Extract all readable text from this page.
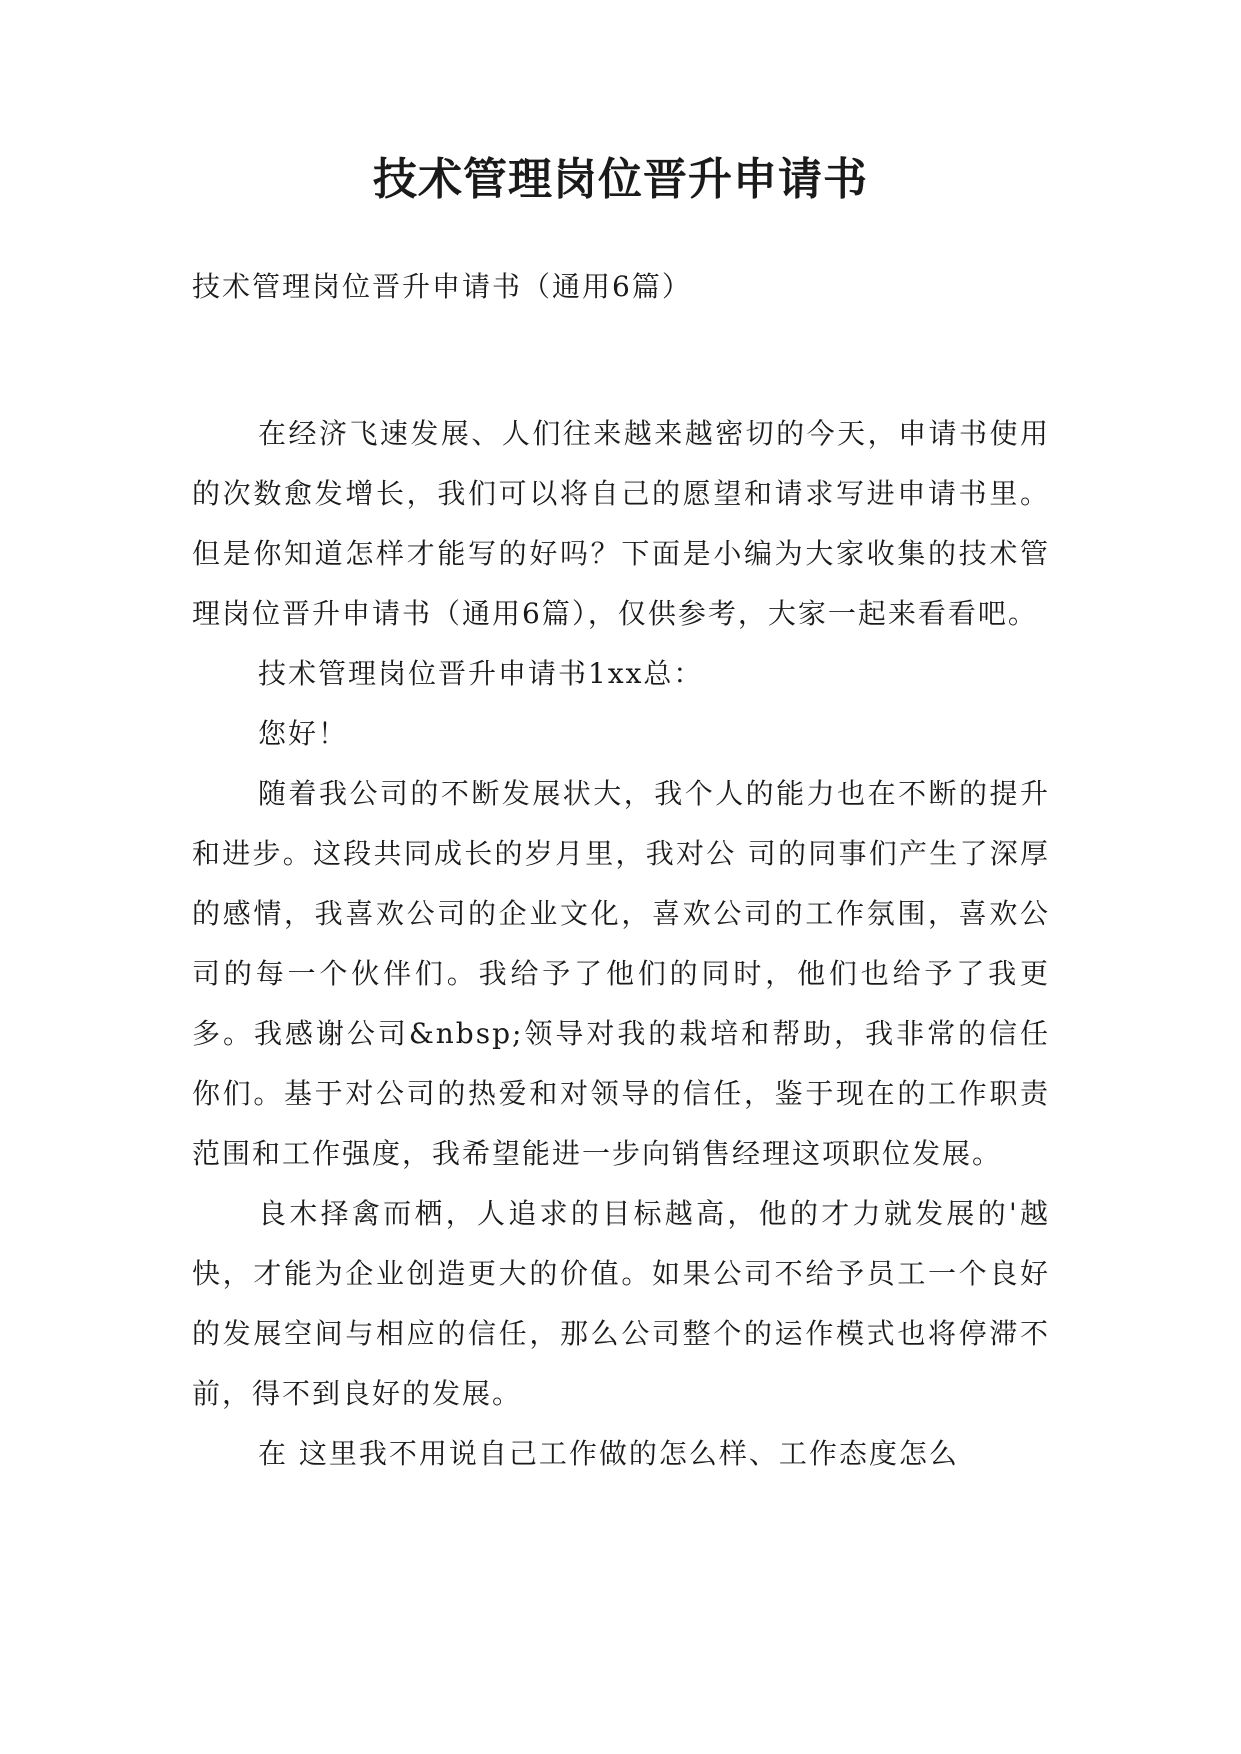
技术管理岗位晋升申请书

技术管理岗位晋升申请书（通用6篇）

在经济飞速发展、人们往来越来越密切的今天，申请书使用的次数愈发增长，我们可以将自己的愿望和请求写进申请书里。但是你知道怎样才能写的好吗？下面是小编为大家收集的技术管理岗位晋升申请书（通用6篇），仅供参考，大家一起来看看吧。

技术管理岗位晋升申请书1xx总：

您好！

随着我公司的不断发展状大，我个人的能力也在不断的提升和进步。这段共同成长的岁月里，我对公 司的同事们产生了深厚的感情，我喜欢公司的企业文化，喜欢公司的工作氛围，喜欢公司的每一个伙伴们。我给予了他们的同时，他们也给予了我更多。我感谢公司&nbsp;领导对我的栽培和帮助，我非常的信任你们。基于对公司的热爱和对领导的信任，鉴于现在的工作职责范围和工作强度，我希望能进一步向销售经理这项职位发展。

良木择禽而栖，人追求的目标越高，他的才力就发展的'越快，才能为企业创造更大的价值。如果公司不给予员工一个良好的发展空间与相应的信任，那么公司整个的运作模式也将停滞不前，得不到良好的发展。

在 这里我不用说自己工作做的怎么样、工作态度怎么
